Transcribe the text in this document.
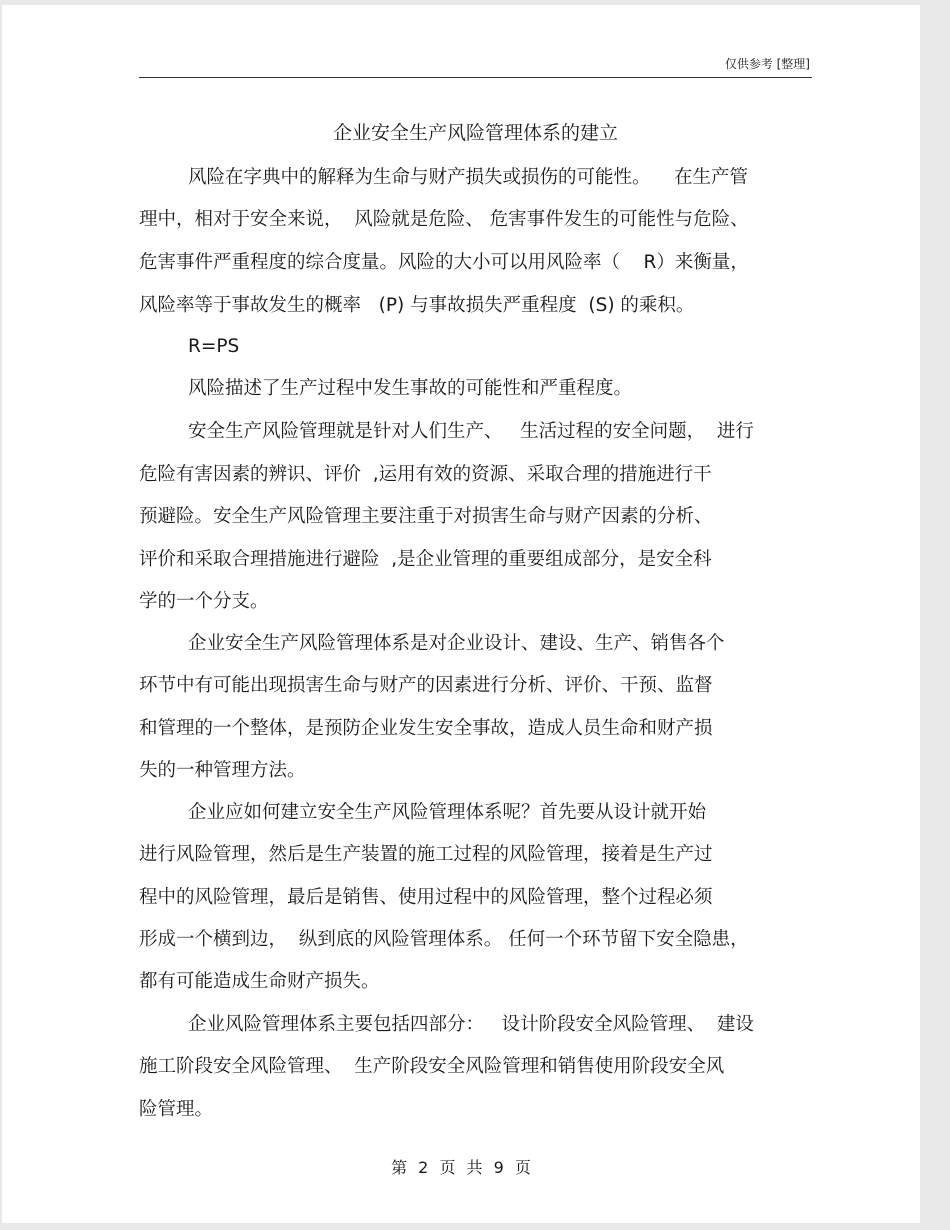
仅供参考 [整理]
企业安全生产风险管理体系的建立
风险在字典中的解释为生命与财产损失或损伤的可能性。    在生产管
理中，相对于安全来说，  风险就是危险、 危害事件发生的可能性与危险、
危害事件严重程度的综合度量。风险的大小可以用风险率（    R）来衡量，
风险率等于事故发生的概率   (P) 与事故损失严重程度  (S) 的乘积。
R=PS
风险描述了生产过程中发生事故的可能性和严重程度。
安全生产风险管理就是针对人们生产、   生活过程的安全问题，  进行
危险有害因素的辨识、评价  ,运用有效的资源、采取合理的措施进行干
预避险。安全生产风险管理主要注重于对损害生命与财产因素的分析、
评价和采取合理措施进行避险  ,是企业管理的重要组成部分，是安全科
学的一个分支。
企业安全生产风险管理体系是对企业设计、建设、生产、销售各个
环节中有可能出现损害生命与财产的因素进行分析、评价、干预、监督
和管理的一个整体，是预防企业发生安全事故，造成人员生命和财产损
失的一种管理方法。
企业应如何建立安全生产风险管理体系呢？首先要从设计就开始
进行风险管理，然后是生产装置的施工过程的风险管理，接着是生产过
程中的风险管理，最后是销售、使用过程中的风险管理，整个过程必须
形成一个横到边，  纵到底的风险管理体系。 任何一个环节留下安全隐患，
都有可能造成生命财产损失。
企业风险管理体系主要包括四部分：   设计阶段安全风险管理、  建设
施工阶段安全风险管理、  生产阶段安全风险管理和销售使用阶段安全风
险管理。
第 2 页 共 9 页
